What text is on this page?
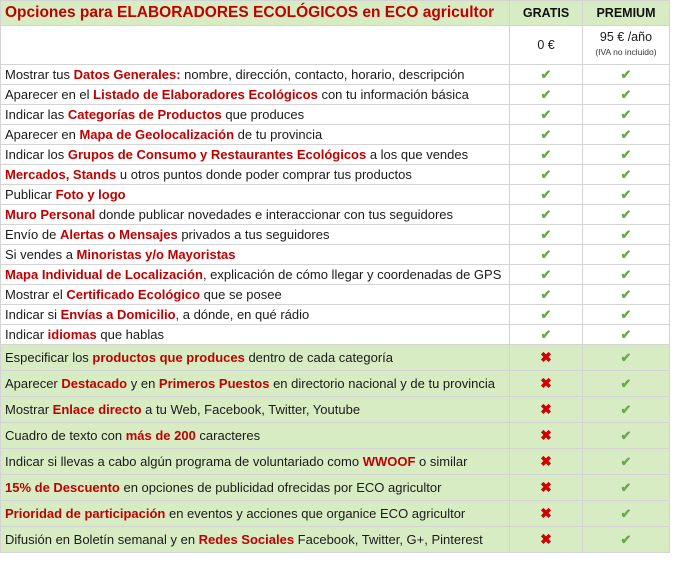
Opciones para ELABORADORES ECOLÓGICOS en ECO agricultor	GRATIS	PREMIUM
	0 €	95 € /año
(IVA no incluido)

Mostrar tus Datos Generales: nombre, dirección, contacto, horario, descripción	✔	✔
Aparecer en el Listado de Elaboradores Ecológicos con tu información básica	✔	✔
Indicar las Categorías de Productos que produces	✔	✔
Aparecer en Mapa de Geolocalización de tu provincia	✔	✔
Indicar los Grupos de Consumo y Restaurantes Ecológicos a los que vendes	✔	✔
Mercados, Stands u otros puntos donde poder comprar tus productos	✔	✔
Publicar Foto y logo	✔	✔
Muro Personal donde publicar novedades e interaccionar con tus seguidores	✔	✔
Envío de Alertas o Mensajes privados a tus seguidores	✔	✔
Si vendes a Minoristas y/o Mayoristas	✔	✔
Mapa Individual de Localización, explicación de cómo llegar y coordenadas de GPS	✔	✔
Mostrar el Certificado Ecológico que se posee	✔	✔
Indicar si Envías a Domicilio, a dónde, en qué rádio	✔	✔
Indicar idiomas que hablas	✔	✔
Especificar los productos que produces dentro de cada categoría	✖	✔
Aparecer Destacado y en Primeros Puestos en directorio nacional y de tu provincia	✖	✔
Mostrar Enlace directo a tu Web, Facebook, Twitter, Youtube	✖	✔
Cuadro de texto con más de 200 caracteres	✖	✔
Indicar si llevas a cabo algún programa de voluntariado como WWOOF o similar	✖	✔
15% de Descuento en opciones de publicidad ofrecidas por ECO agricultor	✖	✔
Prioridad de participación en eventos y acciones que organice ECO agricultor	✖	✔
Difusión en Boletín semanal y en Redes Sociales Facebook, Twitter, G+, Pinterest	✖	✔
